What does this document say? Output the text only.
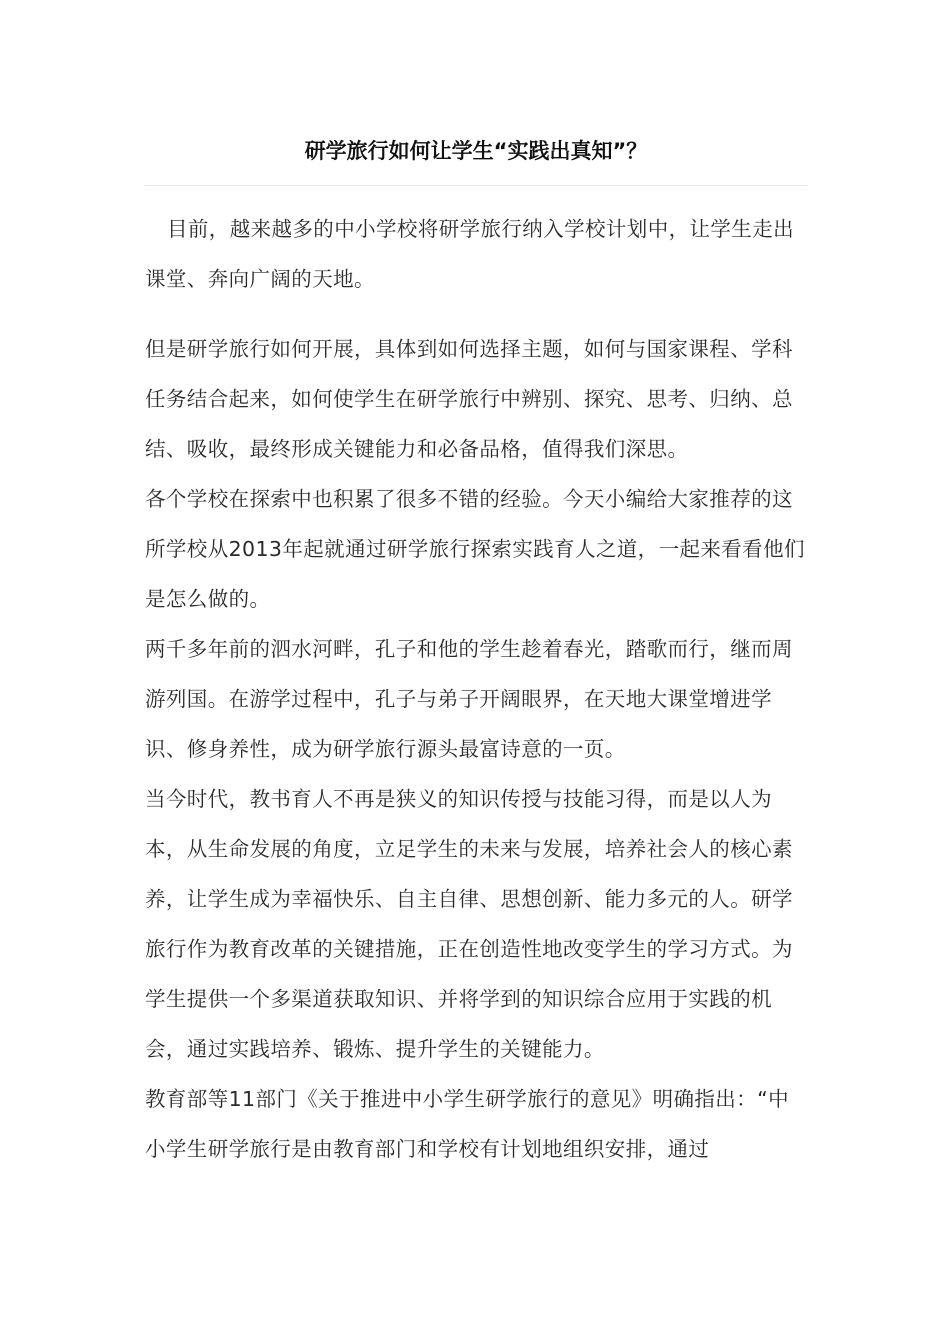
研学旅行如何让学生“实践出真知”？

目前，越来越多的中小学校将研学旅行纳入学校计划中，让学生走出课堂、奔向广阔的天地。

但是研学旅行如何开展，具体到如何选择主题，如何与国家课程、学科任务结合起来，如何使学生在研学旅行中辨别、探究、思考、归纳、总结、吸收，最终形成关键能力和必备品格，值得我们深思。

各个学校在探索中也积累了很多不错的经验。今天小编给大家推荐的这所学校从2013年起就通过研学旅行探索实践育人之道，一起来看看他们是怎么做的。

两千多年前的泗水河畔，孔子和他的学生趁着春光，踏歌而行，继而周游列国。在游学过程中，孔子与弟子开阔眼界，在天地大课堂增进学识、修身养性，成为研学旅行源头最富诗意的一页。

当今时代，教书育人不再是狭义的知识传授与技能习得，而是以人为本，从生命发展的角度，立足学生的未来与发展，培养社会人的核心素养，让学生成为幸福快乐、自主自律、思想创新、能力多元的人。研学旅行作为教育改革的关键措施，正在创造性地改变学生的学习方式。为学生提供一个多渠道获取知识、并将学到的知识综合应用于实践的机会，通过实践培养、锻炼、提升学生的关键能力。

教育部等11部门《关于推进中小学生研学旅行的意见》明确指出：“中小学生研学旅行是由教育部门和学校有计划地组织安排，通过
